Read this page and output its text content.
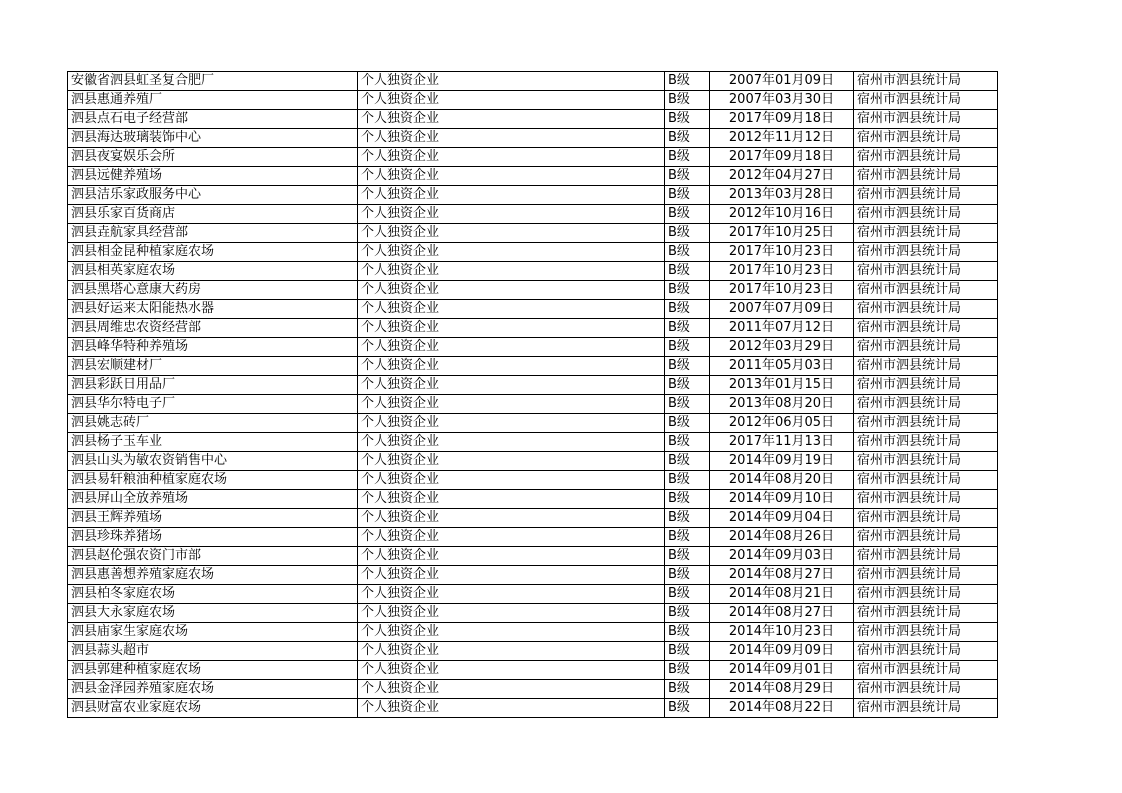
安徽省泗县虹圣复合肥厂	个人独资企业	B级	2007年01月09日	宿州市泗县统计局
泗县惠通养殖厂	个人独资企业	B级	2007年03月30日	宿州市泗县统计局
泗县点石电子经营部	个人独资企业	B级	2017年09月18日	宿州市泗县统计局
泗县海达玻璃装饰中心	个人独资企业	B级	2012年11月12日	宿州市泗县统计局
泗县夜宴娱乐会所	个人独资企业	B级	2017年09月18日	宿州市泗县统计局
泗县远健养殖场	个人独资企业	B级	2012年04月27日	宿州市泗县统计局
泗县洁乐家政服务中心	个人独资企业	B级	2013年03月28日	宿州市泗县统计局
泗县乐家百货商店	个人独资企业	B级	2012年10月16日	宿州市泗县统计局
泗县垚航家具经营部	个人独资企业	B级	2017年10月25日	宿州市泗县统计局
泗县相金昆种植家庭农场	个人独资企业	B级	2017年10月23日	宿州市泗县统计局
泗县相英家庭农场	个人独资企业	B级	2017年10月23日	宿州市泗县统计局
泗县黑塔心意康大药房	个人独资企业	B级	2017年10月23日	宿州市泗县统计局
泗县好运来太阳能热水器	个人独资企业	B级	2007年07月09日	宿州市泗县统计局
泗县周维忠农资经营部	个人独资企业	B级	2011年07月12日	宿州市泗县统计局
泗县峰华特种养殖场	个人独资企业	B级	2012年03月29日	宿州市泗县统计局
泗县宏顺建材厂	个人独资企业	B级	2011年05月03日	宿州市泗县统计局
泗县彩跃日用品厂	个人独资企业	B级	2013年01月15日	宿州市泗县统计局
泗县华尔特电子厂	个人独资企业	B级	2013年08月20日	宿州市泗县统计局
泗县姚志砖厂	个人独资企业	B级	2012年06月05日	宿州市泗县统计局
泗县杨子玉车业	个人独资企业	B级	2017年11月13日	宿州市泗县统计局
泗县山头为敏农资销售中心	个人独资企业	B级	2014年09月19日	宿州市泗县统计局
泗县易轩粮油种植家庭农场	个人独资企业	B级	2014年08月20日	宿州市泗县统计局
泗县屏山全放养殖场	个人独资企业	B级	2014年09月10日	宿州市泗县统计局
泗县王辉养殖场	个人独资企业	B级	2014年09月04日	宿州市泗县统计局
泗县珍珠养猪场	个人独资企业	B级	2014年08月26日	宿州市泗县统计局
泗县赵伦强农资门市部	个人独资企业	B级	2014年09月03日	宿州市泗县统计局
泗县惠善想养殖家庭农场	个人独资企业	B级	2014年08月27日	宿州市泗县统计局
泗县柏冬家庭农场	个人独资企业	B级	2014年08月21日	宿州市泗县统计局
泗县大永家庭农场	个人独资企业	B级	2014年08月27日	宿州市泗县统计局
泗县庙家生家庭农场	个人独资企业	B级	2014年10月23日	宿州市泗县统计局
泗县蒜头超市	个人独资企业	B级	2014年09月09日	宿州市泗县统计局
泗县郭建种植家庭农场	个人独资企业	B级	2014年09月01日	宿州市泗县统计局
泗县金泽园养殖家庭农场	个人独资企业	B级	2014年08月29日	宿州市泗县统计局
泗县财富农业家庭农场	个人独资企业	B级	2014年08月22日	宿州市泗县统计局
